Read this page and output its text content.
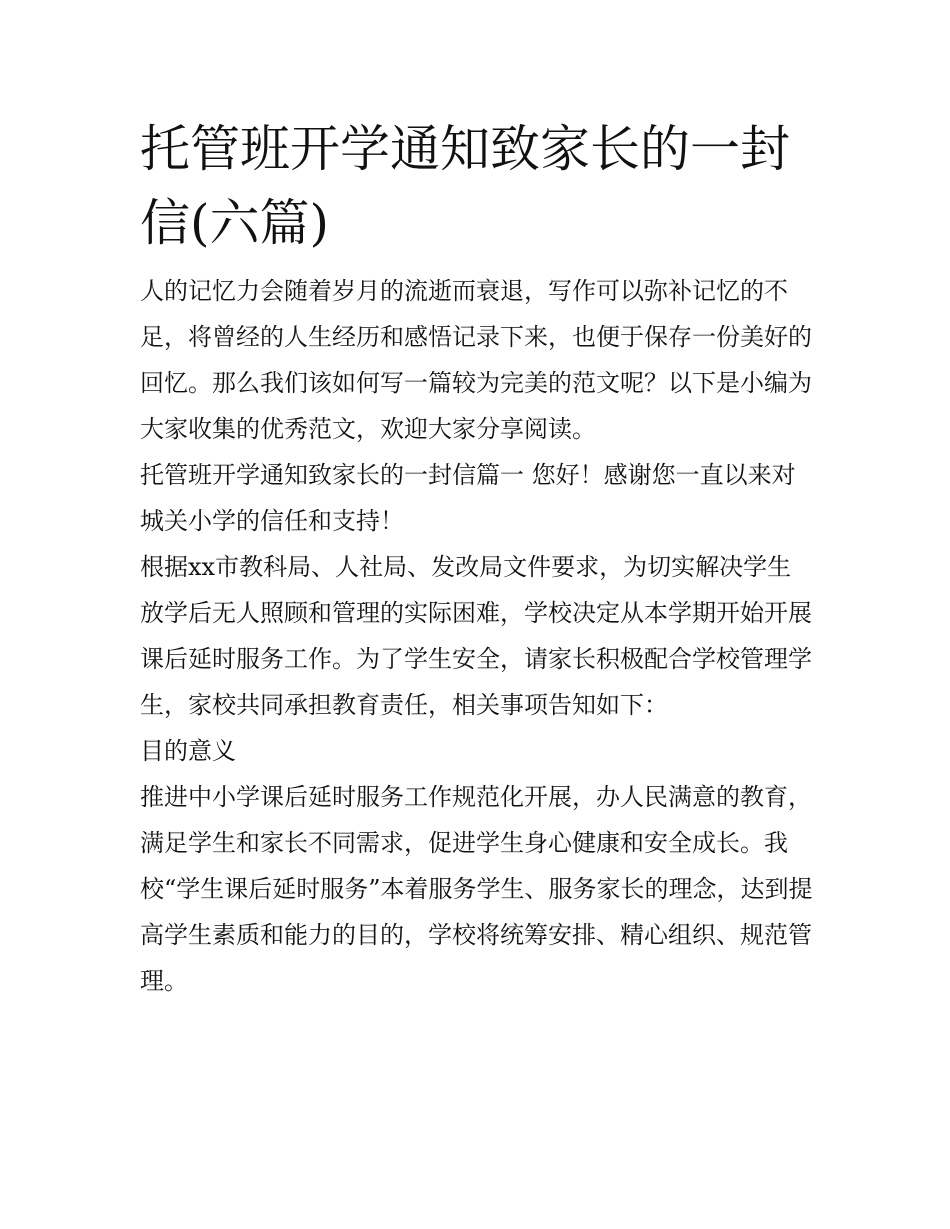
托管班开学通知致家长的一封信(六篇)

人的记忆力会随着岁月的流逝而衰退，写作可以弥补记忆的不足，将曾经的人生经历和感悟记录下来，也便于保存一份美好的回忆。那么我们该如何写一篇较为完美的范文呢？以下是小编为大家收集的优秀范文，欢迎大家分享阅读。

托管班开学通知致家长的一封信篇一 您好！感谢您一直以来对城关小学的信任和支持！

根据xx市教科局、人社局、发改局文件要求，为切实解决学生放学后无人照顾和管理的实际困难，学校决定从本学期开始开展课后延时服务工作。为了学生安全，请家长积极配合学校管理学生，家校共同承担教育责任，相关事项告知如下：

目的意义

推进中小学课后延时服务工作规范化开展，办人民满意的教育，满足学生和家长不同需求，促进学生身心健康和安全成长。我校“学生课后延时服务”本着服务学生、服务家长的理念，达到提高学生素质和能力的目的，学校将统筹安排、精心组织、规范管理。
